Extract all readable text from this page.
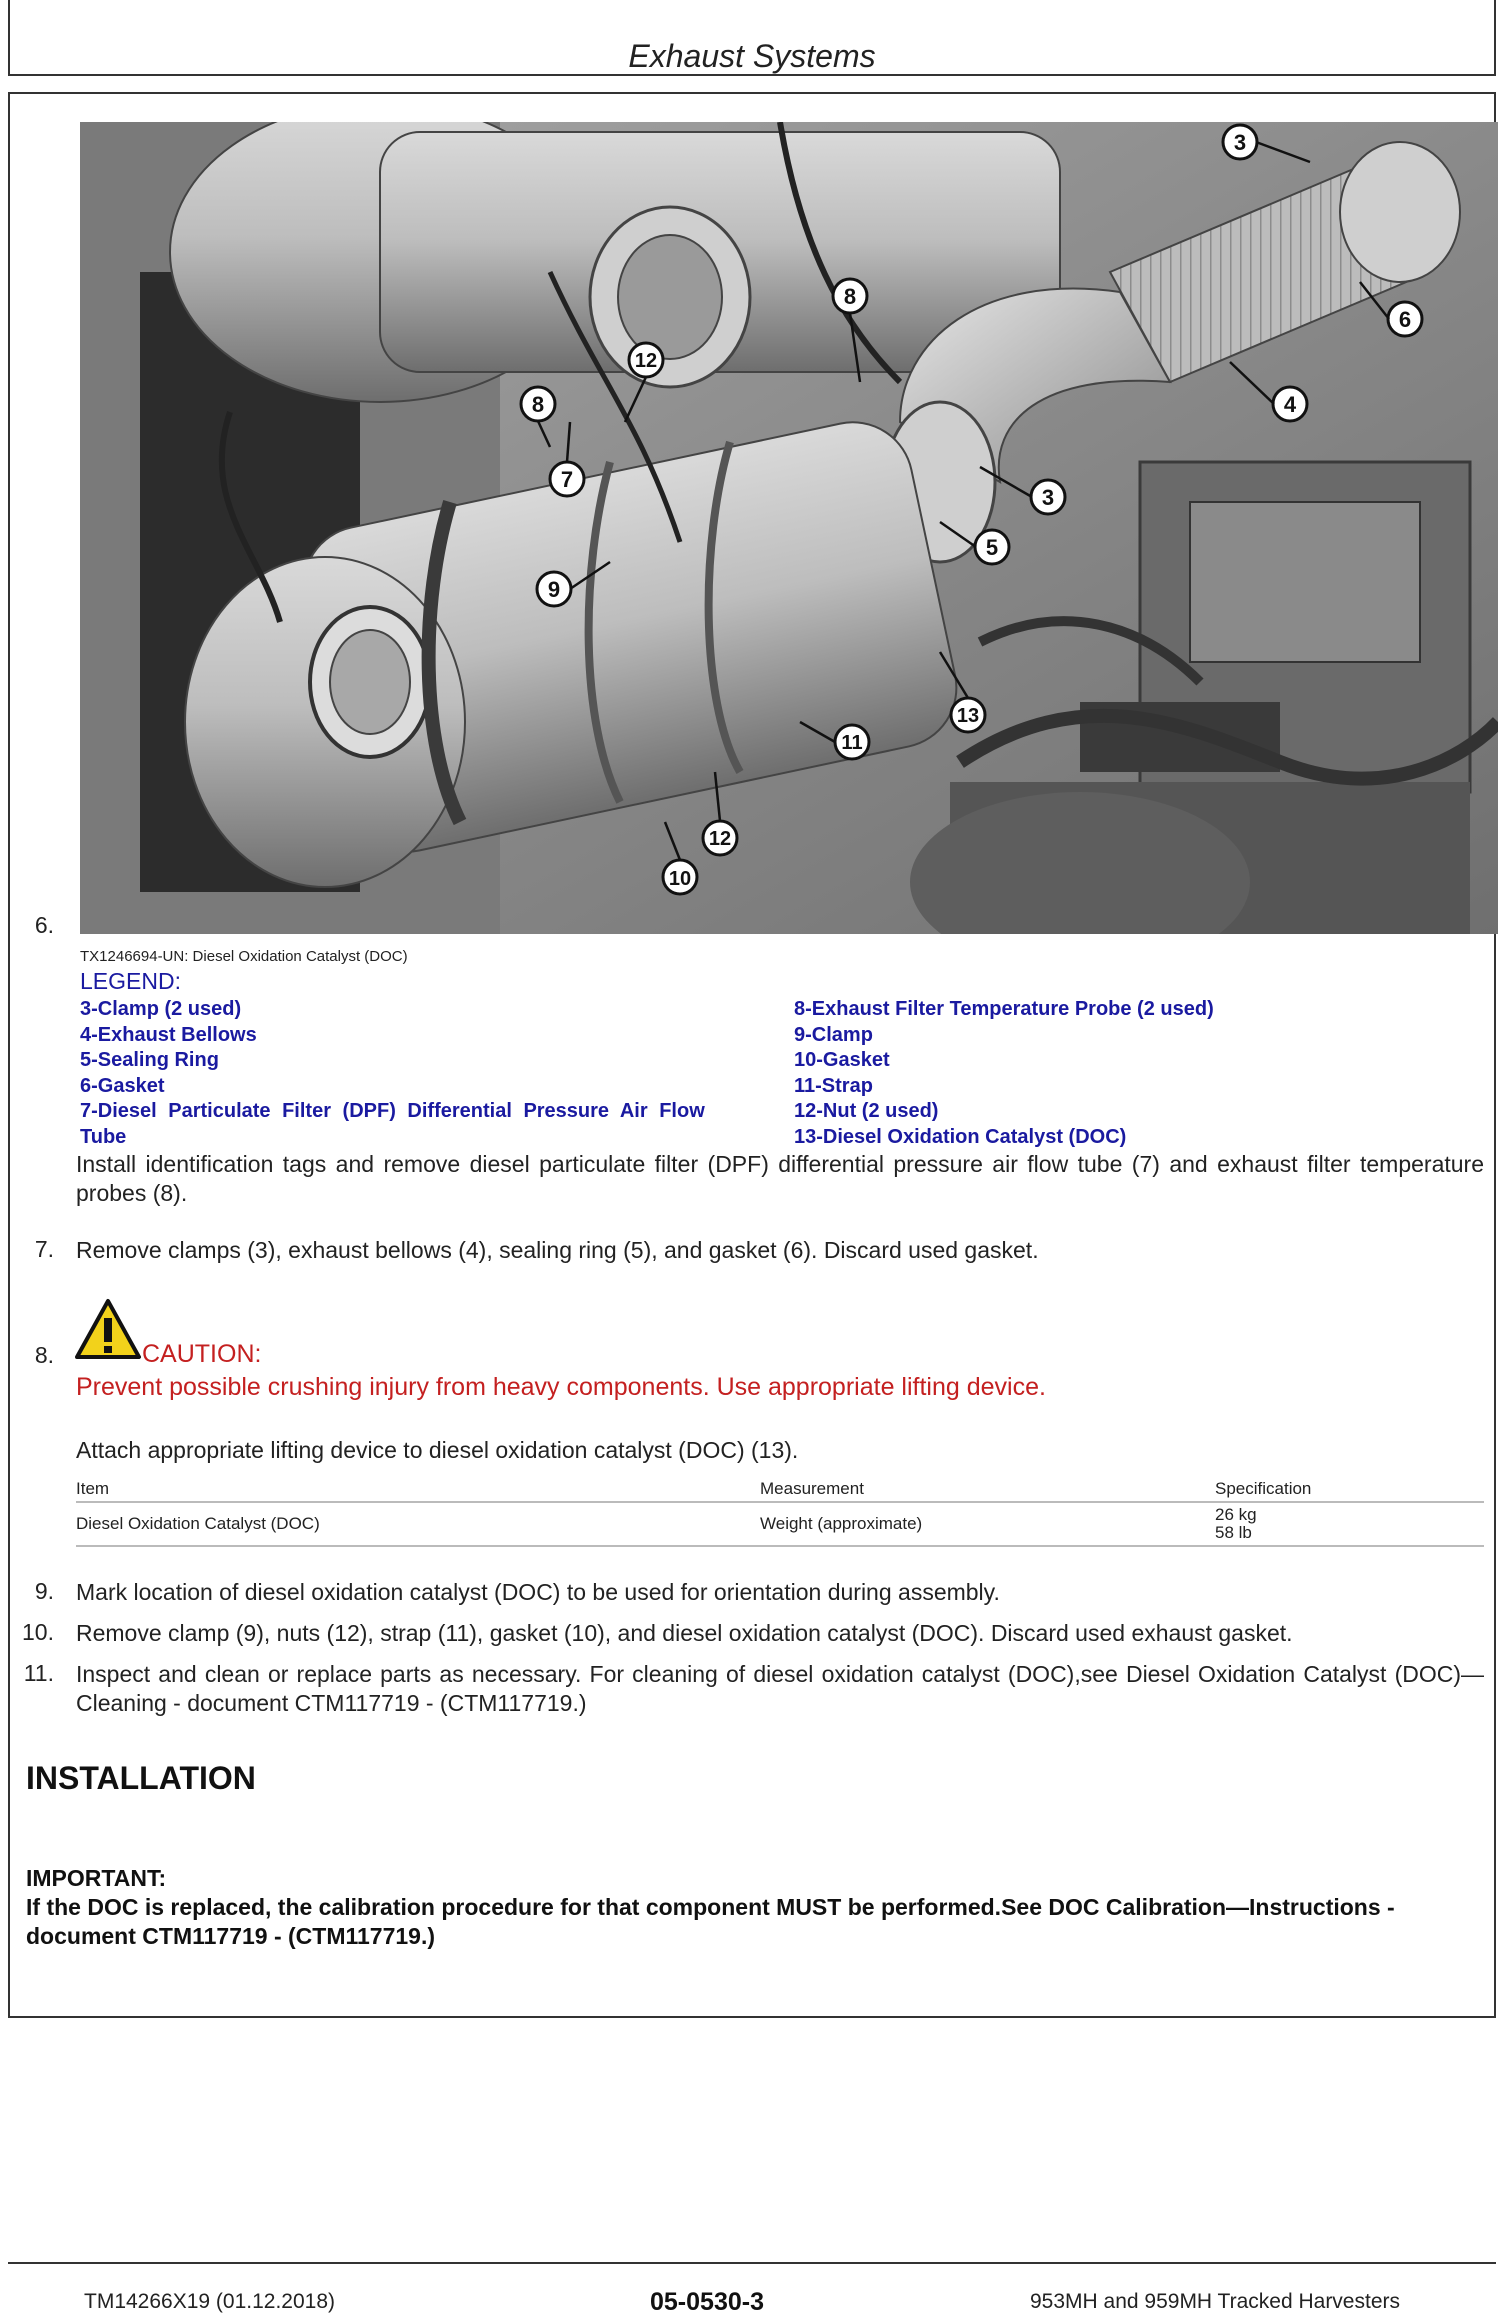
Exhaust Systems
3
3
4
5
6
7
8
8
9
10
11
12
12
13
6.
TX1246694-UN: Diesel Oxidation Catalyst (DOC)
LEGEND:
3-Clamp (2 used)
4-Exhaust Bellows
5-Sealing Ring
6-Gasket
7-Diesel Particulate Filter (DPF) Differential Pressure Air Flow
Tube
8-Exhaust Filter Temperature Probe (2 used)
9-Clamp
10-Gasket
11-Strap
12-Nut (2 used)
13-Diesel Oxidation Catalyst (DOC)
Install identification tags and remove diesel particulate filter (DPF) differential pressure air flow tube (7) and exhaust filter temperature probes (8).
7. Remove clamps (3), exhaust bellows (4), sealing ring (5), and gasket (6). Discard used gasket.
8.	CAUTION:
Prevent possible crushing injury from heavy components. Use appropriate lifting device.
Attach appropriate lifting device to diesel oxidation catalyst (DOC) (13).
Item	Measurement	Specification
Diesel Oxidation Catalyst (DOC)	Weight (approximate)	26 kg
58 lb
9. Mark location of diesel oxidation catalyst (DOC) to be used for orientation during assembly.
10. Remove clamp (9), nuts (12), strap (11), gasket (10), and diesel oxidation catalyst (DOC). Discard used exhaust gasket.
11. Inspect and clean or replace parts as necessary. For cleaning of diesel oxidation catalyst (DOC),see Diesel Oxidation Catalyst (DOC)—Cleaning - document CTM117719 - (CTM117719.)
INSTALLATION
IMPORTANT:
If the DOC is replaced, the calibration procedure for that component MUST be performed.See DOC Calibration—Instructions - document CTM117719 - (CTM117719.)
TM14266X19 (01.12.2018)	05-0530-3	953MH and 959MH Tracked Harvesters
